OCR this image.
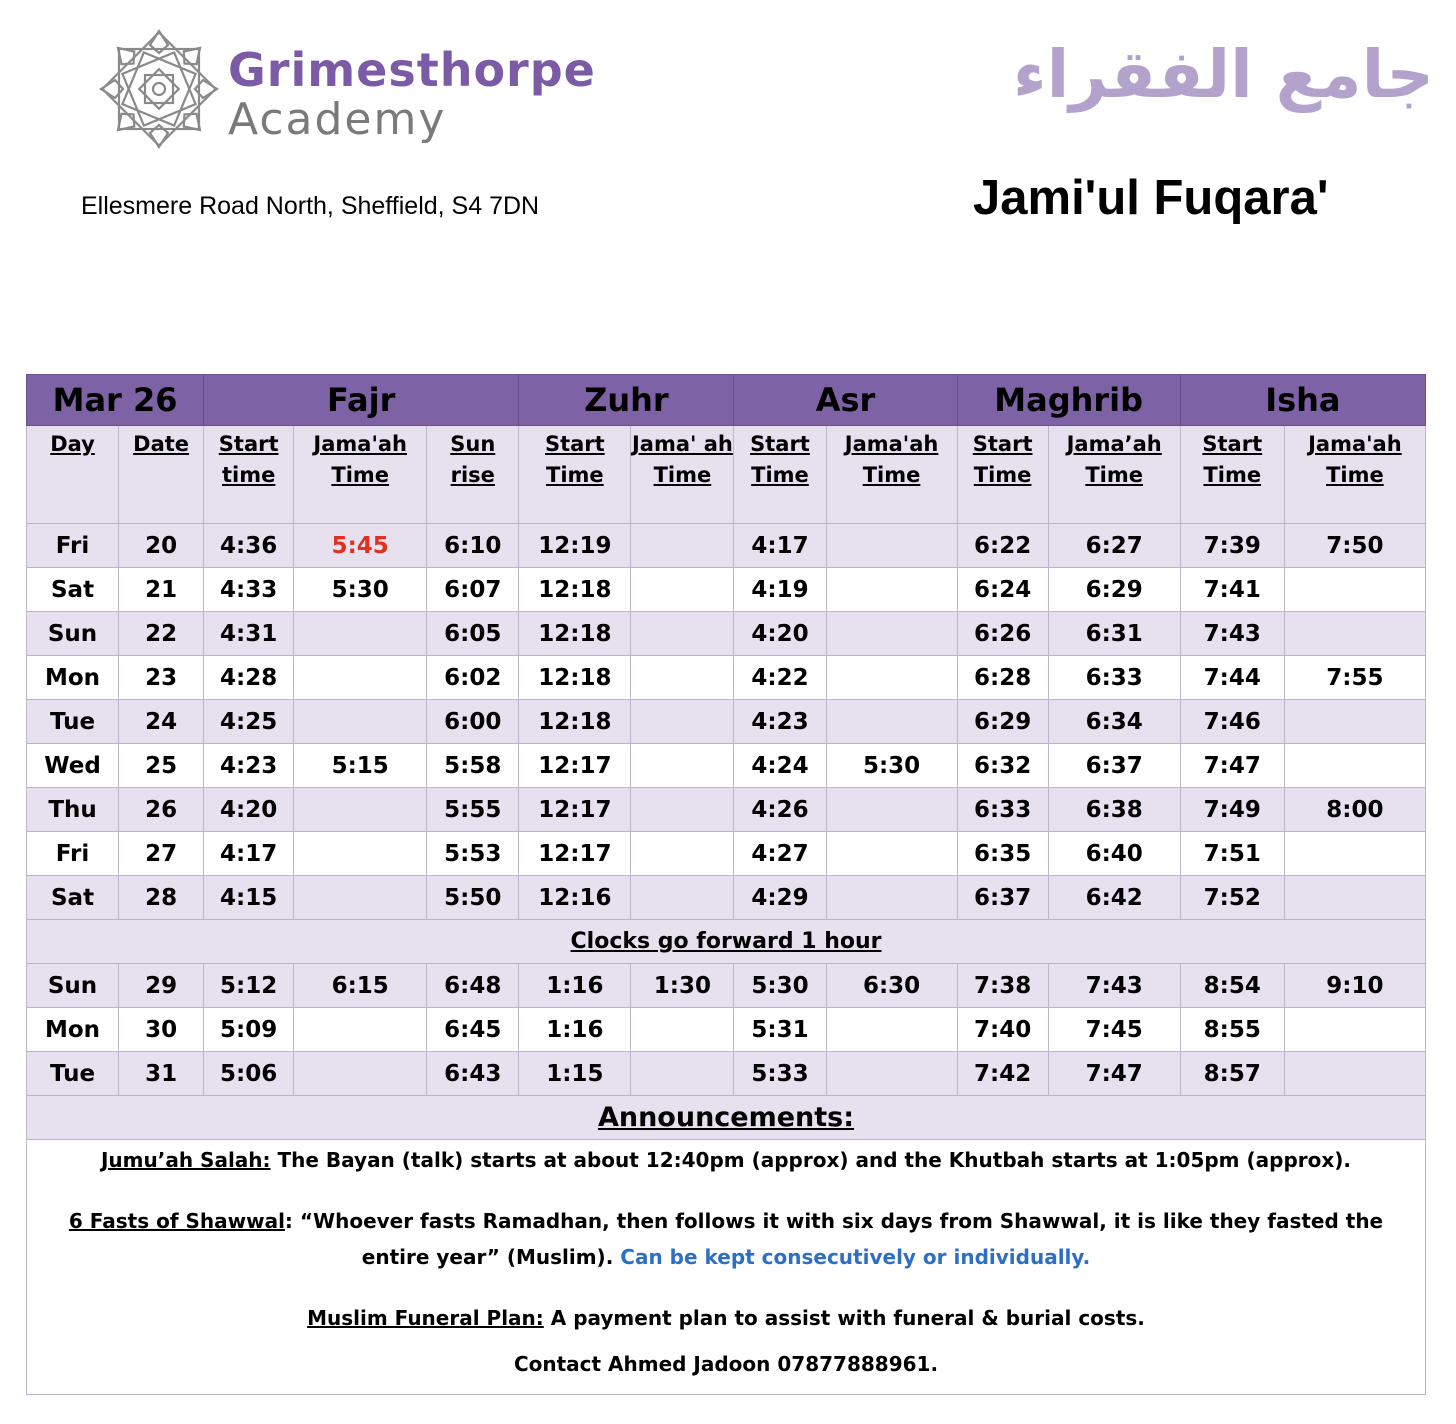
Grimesthorpe
Academy
جامع الفقراء
Ellesmere Road North, Sheffield, S4 7DN	Jami'ul Fuqara'
Mar 26		Fajr			Zuhr		Asr		Maghrib		Isha	
Day	Date	Start time	Jama'ah Time	Sun rise	Start Time	Jama' ah Time	Start Time	Jama'ah Time	Start Time	Jama’ah Time	Start Time	Jama'ah Time
Fri	20	4:36	5:45	6:10	12:19		4:17		6:22	6:27	7:39	7:50
Sat	21	4:33	5:30	6:07	12:18		4:19		6:24	6:29	7:41	
Sun	22	4:31		6:05	12:18		4:20		6:26	6:31	7:43	
Mon	23	4:28		6:02	12:18		4:22		6:28	6:33	7:44	7:55
Tue	24	4:25		6:00	12:18		4:23		6:29	6:34	7:46	
Wed	25	4:23	5:15	5:58	12:17		4:24	5:30	6:32	6:37	7:47	
Thu	26	4:20		5:55	12:17		4:26		6:33	6:38	7:49	8:00
Fri	27	4:17		5:53	12:17		4:27		6:35	6:40	7:51	
Sat	28	4:15		5:50	12:16		4:29		6:37	6:42	7:52	
Clocks go forward 1 hour												
Sun	29	5:12	6:15	6:48	1:16	1:30	5:30	6:30	7:38	7:43	8:54	9:10
Mon	30	5:09		6:45	1:16		5:31		7:40	7:45	8:55	
Tue	31	5:06		6:43	1:15		5:33		7:42	7:47	8:57	
Announcements:												

Jumu’ah Salah: The Bayan (talk) starts at about 12:40pm (approx) and the Khutbah starts at 1:05pm (approx).

6 Fasts of Shawwal: “Whoever fasts Ramadhan, then follows it with six days from Shawwal, it is like they fasted the entire year” (Muslim). Can be kept consecutively or individually.

Muslim Funeral Plan: A payment plan to assist with funeral & burial costs.

Contact Ahmed Jadoon 07877888961.												
